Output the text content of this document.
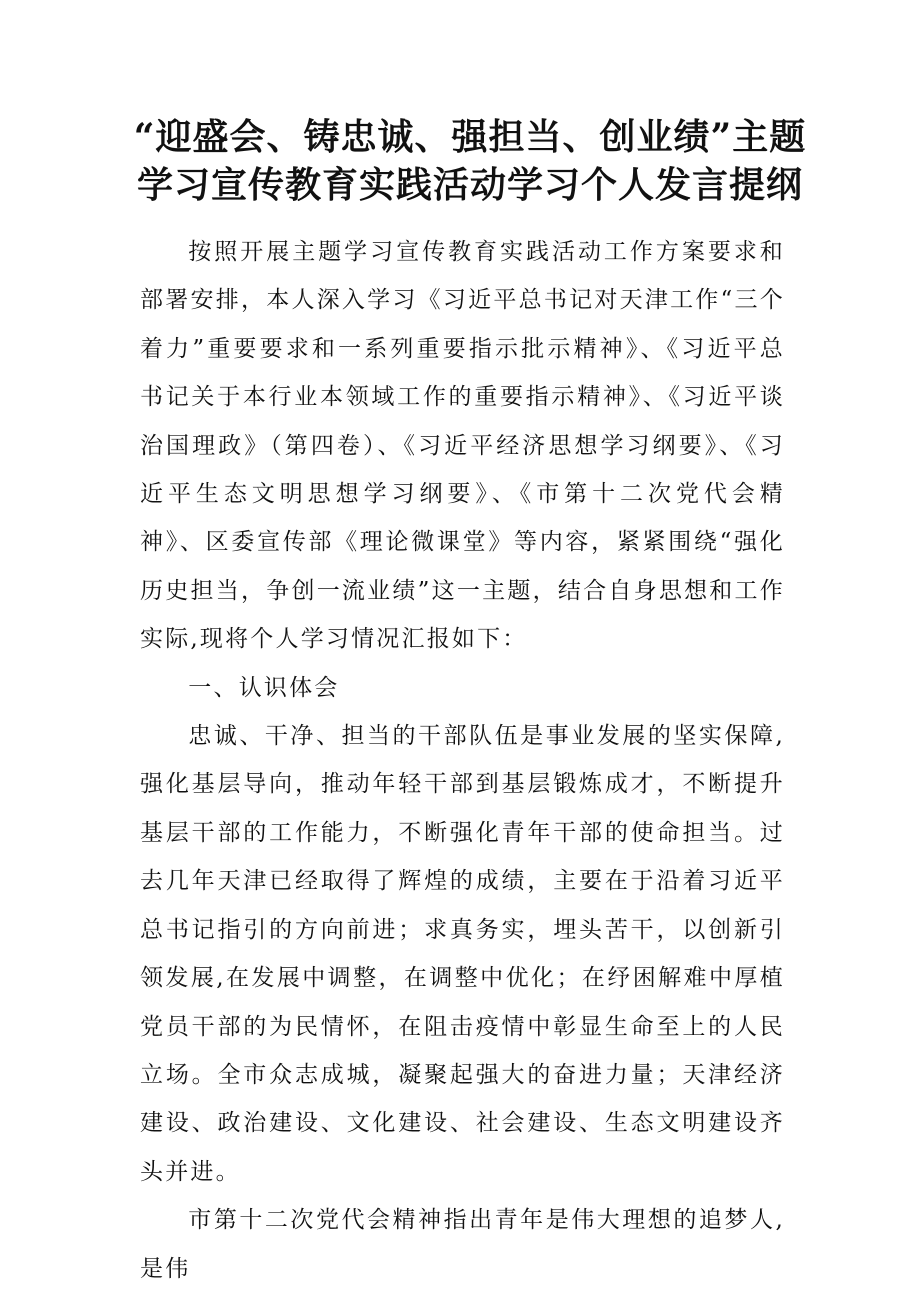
“迎盛会、铸忠诚、强担当、创业绩”主题
学习宣传教育实践活动学习个人发言提纲

按照开展主题学习宣传教育实践活动工作方案要求和部署安排，本人深入学习《习近平总书记对天津工作“三个着力”重要要求和一系列重要指示批示精神》、《习近平总书记关于本行业本领域工作的重要指示精神》、《习近平谈治国理政》（第四卷）、《习近平经济思想学习纲要》、《习近平生态文明思想学习纲要》、《市第十二次党代会精神》、区委宣传部《理论微课堂》等内容，紧紧围绕“强化历史担当，争创一流业绩”这一主题，结合自身思想和工作实际,现将个人学习情况汇报如下：

一、认识体会

忠诚、干净、担当的干部队伍是事业发展的坚实保障,强化基层导向，推动年轻干部到基层锻炼成才，不断提升基层干部的工作能力，不断强化青年干部的使命担当。过去几年天津已经取得了辉煌的成绩，主要在于沿着习近平总书记指引的方向前进；求真务实，埋头苦干，以创新引领发展,在发展中调整，在调整中优化；在纾困解难中厚植党员干部的为民情怀，在阻击疫情中彰显生命至上的人民立场。全市众志成城，凝聚起强大的奋进力量；天津经济建设、政治建设、文化建设、社会建设、生态文明建设齐头并进。

市第十二次党代会精神指出青年是伟大理想的追梦人,是伟
